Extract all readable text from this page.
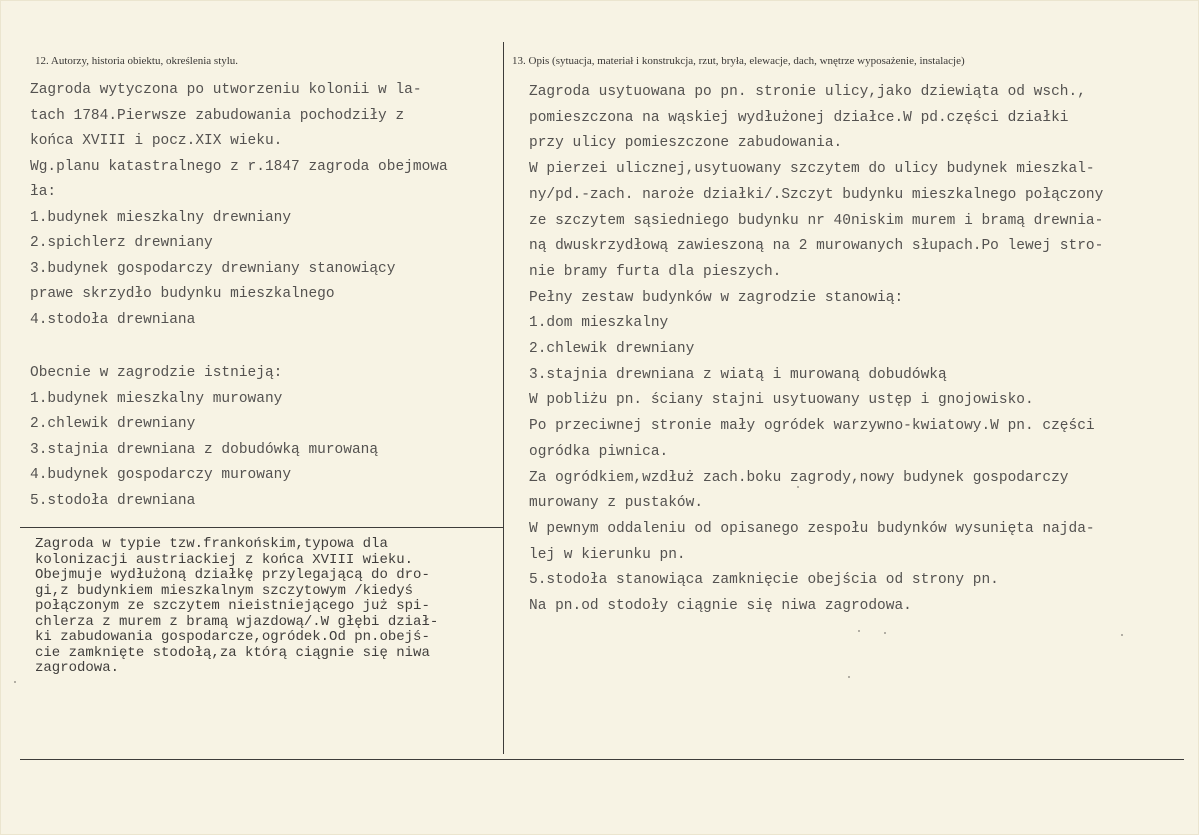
12. Autorzy, historia obiektu, określenia stylu.	13. Opis (sytuacja, materiał i konstrukcja, rzut, bryła, elewacje, dach, wnętrze wyposażenie, instalacje)
Zagroda wytyczona po utworzeniu kolonii w la-
tach 1784.Pierwsze zabudowania pochodziły z
końca XVIII i pocz.XIX wieku.
Wg.planu katastralnego z r.1847 zagroda obejmowa
ła:
1.budynek mieszkalny drewniany
2.spichlerz drewniany
3.budynek gospodarczy drewniany stanowiący
prawe skrzydło budynku mieszkalnego
4.stodoła drewniana
Obecnie w zagrodzie istnieją:
1.budynek mieszkalny murowany
2.chlewik drewniany
3.stajnia drewniana z dobudówką murowaną
4.budynek gospodarczy murowany
5.stodoła drewniana
Zagroda w typie tzw.frankońskim,typowa dla
kolonizacji austriackiej z końca XVIII wieku.
Obejmuje wydłużoną działkę przylegającą do dro-
gi,z budynkiem mieszkalnym szczytowym /kiedyś
połączonym ze szczytem nieistniejącego już spi-
chlerza z murem z bramą wjazdową/.W głębi dział-
ki zabudowania gospodarcze,ogródek.Od pn.obejś-
cie zamknięte stodołą,za którą ciągnie się niwa
zagrodowa.
Zagroda usytuowana po pn. stronie ulicy,jako dziewiąta od wsch.,
pomieszczona na wąskiej wydłużonej działce.W pd.części działki
przy ulicy pomieszczone zabudowania.
W pierzei ulicznej,usytuowany szczytem do ulicy budynek mieszkal-
ny/pd.-zach. naroże działki/.Szczyt budynku mieszkalnego połączony
ze szczytem sąsiedniego budynku nr 40niskim murem i bramą drewnia-
ną dwuskrzydłową zawieszoną na 2 murowanych słupach.Po lewej stro-
nie bramy furta dla pieszych.
Pełny zestaw budynków w zagrodzie stanowią:
1.dom mieszkalny
2.chlewik drewniany
3.stajnia drewniana z wiatą i murowaną dobudówką
W pobliżu pn. ściany stajni usytuowany ustęp i gnojowisko.
Po przeciwnej stronie mały ogródek warzywno-kwiatowy.W pn. części
ogródka piwnica.
Za ogródkiem,wzdłuż zach.boku zagrody,nowy budynek gospodarczy
murowany z pustaków.
W pewnym oddaleniu od opisanego zespołu budynków wysunięta najda-
lej w kierunku pn.
5.stodoła stanowiąca zamknięcie obejścia od strony pn.
Na pn.od stodoły ciągnie się niwa zagrodowa.
